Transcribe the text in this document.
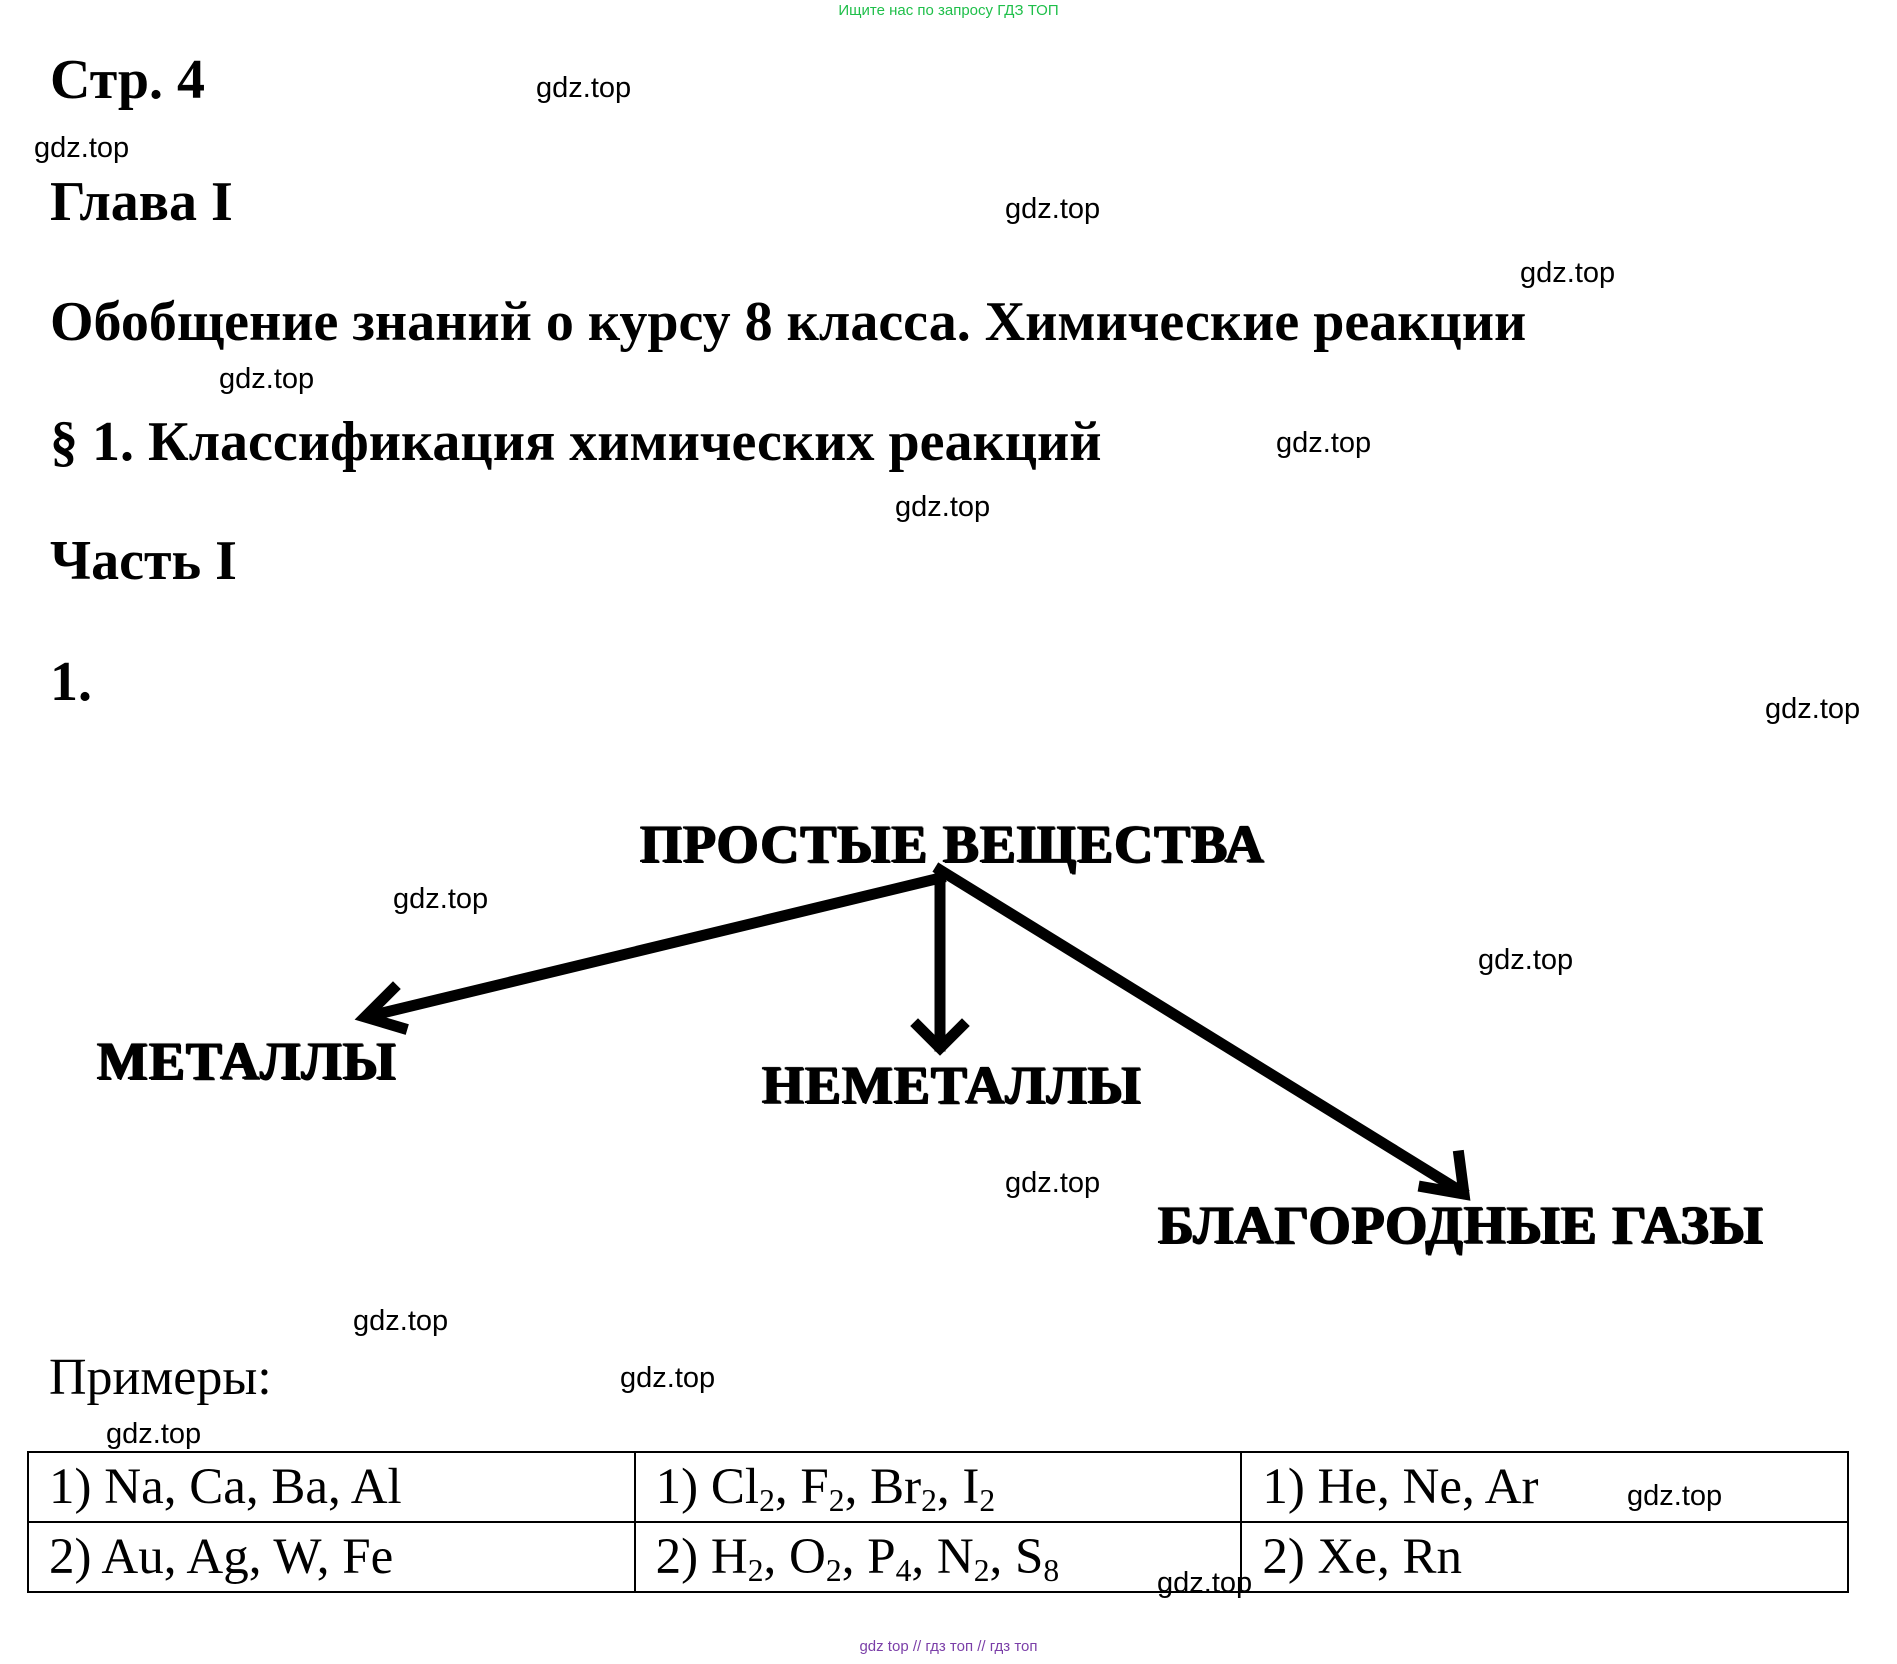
Ищите нас по запросу ГДЗ ТОП
Стр. 4
Глава I
Обобщение знаний о курсу 8 класса. Химические реакции
§ 1. Классификация химических реакций
Часть I
1.
ПРОСТЫЕ ВЕЩЕСТВА
МЕТАЛЛЫ	НЕМЕТАЛЛЫ
БЛАГОРОДНЫЕ ГАЗЫ
Примеры:
1) Na, Ca, Ba, Al	1) $Cl_2$, $F_2$, $Br_2$, $I_2$	1) He, Ne, Ar
2) Au, Ag, W, Fe	2) $H_2$, $O_2$, $P_4$, $N_2$, $S_8$	2) Xe, Rn
gdz.top
gdz.top
gdz.top
gdz.top
gdz.top
gdz.top
gdz.top
gdz.top
gdz.top
gdz.top
gdz.top
gdz.top
gdz.top
gdz.top
gdz.top
gdz.top
gdz top // гдз топ // гдз топ
